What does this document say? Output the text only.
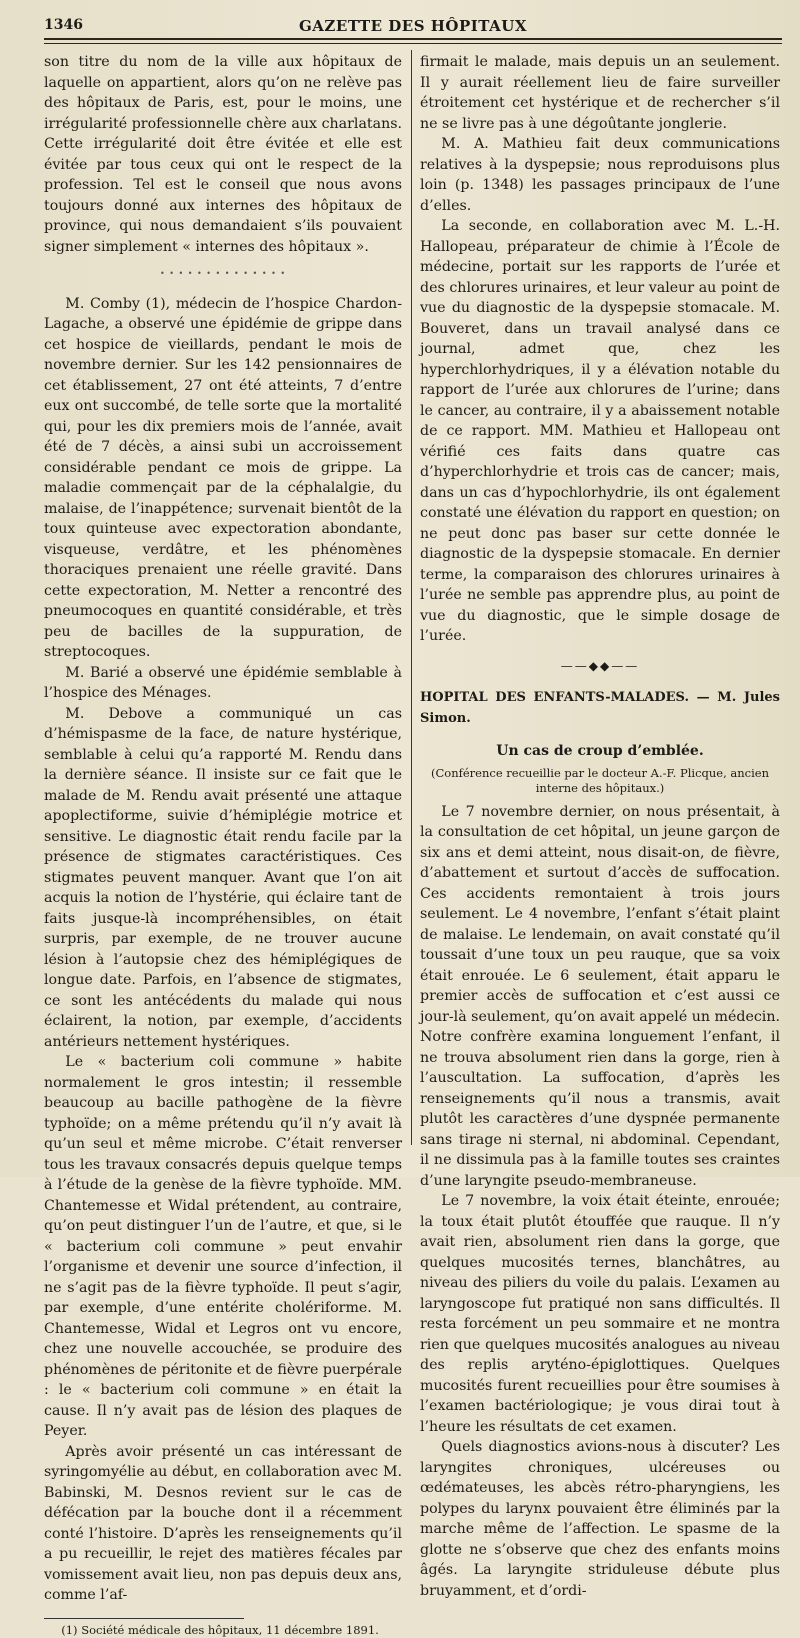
1346	GAZETTE DES HÔPITAUX

son titre du nom de la ville aux hôpitaux de laquelle on appartient, alors qu’on ne relève pas des hôpitaux de Paris, est, pour le moins, une irrégularité professionnelle chère aux charlatans. Cette irrégularité doit être évitée et elle est évitée par tous ceux qui ont le respect de la profession. Tel est le conseil que nous avons toujours donné aux internes des hôpitaux de province, qui nous demandaient s’ils pouvaient signer simplement « internes des hôpitaux ».

• • • • • • • • • • • • • •

M. Comby (1), médecin de l’hospice Chardon-Lagache, a observé une épidémie de grippe dans cet hospice de vieillards, pendant le mois de novembre dernier. Sur les 142 pensionnaires de cet établissement, 27 ont été atteints, 7 d’entre eux ont succombé, de telle sorte que la mortalité qui, pour les dix premiers mois de l’année, avait été de 7 décès, a ainsi subi un accroissement considérable pendant ce mois de grippe. La maladie commençait par de la céphalalgie, du malaise, de l’inappétence; survenait bientôt de la toux quinteuse avec expectoration abondante, visqueuse, verdâtre, et les phénomènes thoraciques prenaient une réelle gravité. Dans cette expectoration, M. Netter a rencontré des pneumocoques en quantité considérable, et très peu de bacilles de la suppuration, de streptocoques.

M. Barié a observé une épidémie semblable à l’hospice des Ménages.

M. Debove a communiqué un cas d’hémispasme de la face, de nature hystérique, semblable à celui qu’a rapporté M. Rendu dans la dernière séance. Il insiste sur ce fait que le malade de M. Rendu avait présenté une attaque apoplectiforme, suivie d’hémiplégie motrice et sensitive. Le diagnostic était rendu facile par la présence de stigmates caractéristiques. Ces stigmates peuvent manquer. Avant que l’on ait acquis la notion de l’hystérie, qui éclaire tant de faits jusque-là incompréhensibles, on était surpris, par exemple, de ne trouver aucune lésion à l’autopsie chez des hémiplégiques de longue date. Parfois, en l’absence de stigmates, ce sont les antécédents du malade qui nous éclairent, la notion, par exemple, d’accidents antérieurs nettement hystériques.

Le « bacterium coli commune » habite normalement le gros intestin; il ressemble beaucoup au bacille pathogène de la fièvre typhoïde; on a même prétendu qu’il n’y avait là qu’un seul et même microbe. C’était renverser tous les travaux consacrés depuis quelque temps à l’étude de la genèse de la fièvre typhoïde. MM. Chantemesse et Widal prétendent, au contraire, qu’on peut distinguer l’un de l’autre, et que, si le « bacterium coli commune » peut envahir l’organisme et devenir une source d’infection, il ne s’agit pas de la fièvre typhoïde. Il peut s’agir, par exemple, d’une entérite cholériforme. M. Chantemesse, Widal et Legros ont vu encore, chez une nouvelle accouchée, se produire des phénomènes de péritonite et de fièvre puerpérale : le « bacterium coli commune » en était la cause. Il n’y avait pas de lésion des plaques de Peyer.

Après avoir présenté un cas intéressant de syringomyélie au début, en collaboration avec M. Babinski, M. Desnos revient sur le cas de défécation par la bouche dont il a récemment conté l’histoire. D’après les renseignements qu’il a pu recueillir, le rejet des matières fécales par vomissement avait lieu, non pas depuis deux ans, comme l’af-

(1) Société médicale des hôpitaux, 11 décembre 1891.

firmait le malade, mais depuis un an seulement. Il y aurait réellement lieu de faire surveiller étroitement cet hystérique et de rechercher s’il ne se livre pas à une dégoûtante jonglerie.

M. A. Mathieu fait deux communications relatives à la dyspepsie; nous reproduisons plus loin (p. 1348) les passages principaux de l’une d’elles.

La seconde, en collaboration avec M. L.-H. Hallopeau, préparateur de chimie à l’École de médecine, portait sur les rapports de l’urée et des chlorures urinaires, et leur valeur au point de vue du diagnostic de la dyspepsie stomacale. M. Bouveret, dans un travail analysé dans ce journal, admet que, chez les hyperchlorhydriques, il y a élévation notable du rapport de l’urée aux chlorures de l’urine; dans le cancer, au contraire, il y a abaissement notable de ce rapport. MM. Mathieu et Hallopeau ont vérifié ces faits dans quatre cas d’hyperchlorhydrie et trois cas de cancer; mais, dans un cas d’hypochlorhydrie, ils ont également constaté une élévation du rapport en question; on ne peut donc pas baser sur cette donnée le diagnostic de la dyspepsie stomacale. En dernier terme, la comparaison des chlorures urinaires à l’urée ne semble pas apprendre plus, au point de vue du diagnostic, que le simple dosage de l’urée.

——◆◆——

HOPITAL DES ENFANTS-MALADES. — M. Jules Simon.

Un cas de croup d’emblée.
(Conférence recueillie par le docteur A.-F. Plicque, ancien interne des hôpitaux.)

Le 7 novembre dernier, on nous présentait, à la consultation de cet hôpital, un jeune garçon de six ans et demi atteint, nous disait-on, de fièvre, d’abattement et surtout d’accès de suffocation. Ces accidents remontaient à trois jours seulement. Le 4 novembre, l’enfant s’était plaint de malaise. Le lendemain, on avait constaté qu’il toussait d’une toux un peu rauque, que sa voix était enrouée. Le 6 seulement, était apparu le premier accès de suffocation et c’est aussi ce jour-là seulement, qu’on avait appelé un médecin. Notre confrère examina longuement l’enfant, il ne trouva absolument rien dans la gorge, rien à l’auscultation. La suffocation, d’après les renseignements qu’il nous a transmis, avait plutôt les caractères d’une dyspnée permanente sans tirage ni sternal, ni abdominal. Cependant, il ne dissimula pas à la famille toutes ses craintes d’une laryngite pseudo-membraneuse.

Le 7 novembre, la voix était éteinte, enrouée; la toux était plutôt étouffée que rauque. Il n’y avait rien, absolument rien dans la gorge, que quelques mucosités ternes, blanchâtres, au niveau des piliers du voile du palais. L’examen au laryngoscope fut pratiqué non sans difficultés. Il resta forcément un peu sommaire et ne montra rien que quelques mucosités analogues au niveau des replis aryténo-épiglottiques. Quelques mucosités furent recueillies pour être soumises à l’examen bactériologique; je vous dirai tout à l’heure les résultats de cet examen.

Quels diagnostics avions-nous à discuter? Les laryngites chroniques, ulcéreuses ou œdémateuses, les abcès rétro-pharyngiens, les polypes du larynx pouvaient être éliminés par la marche même de l’affection. Le spasme de la glotte ne s’observe que chez des enfants moins âgés. La laryngite striduleuse débute plus bruyamment, et d’ordi-
